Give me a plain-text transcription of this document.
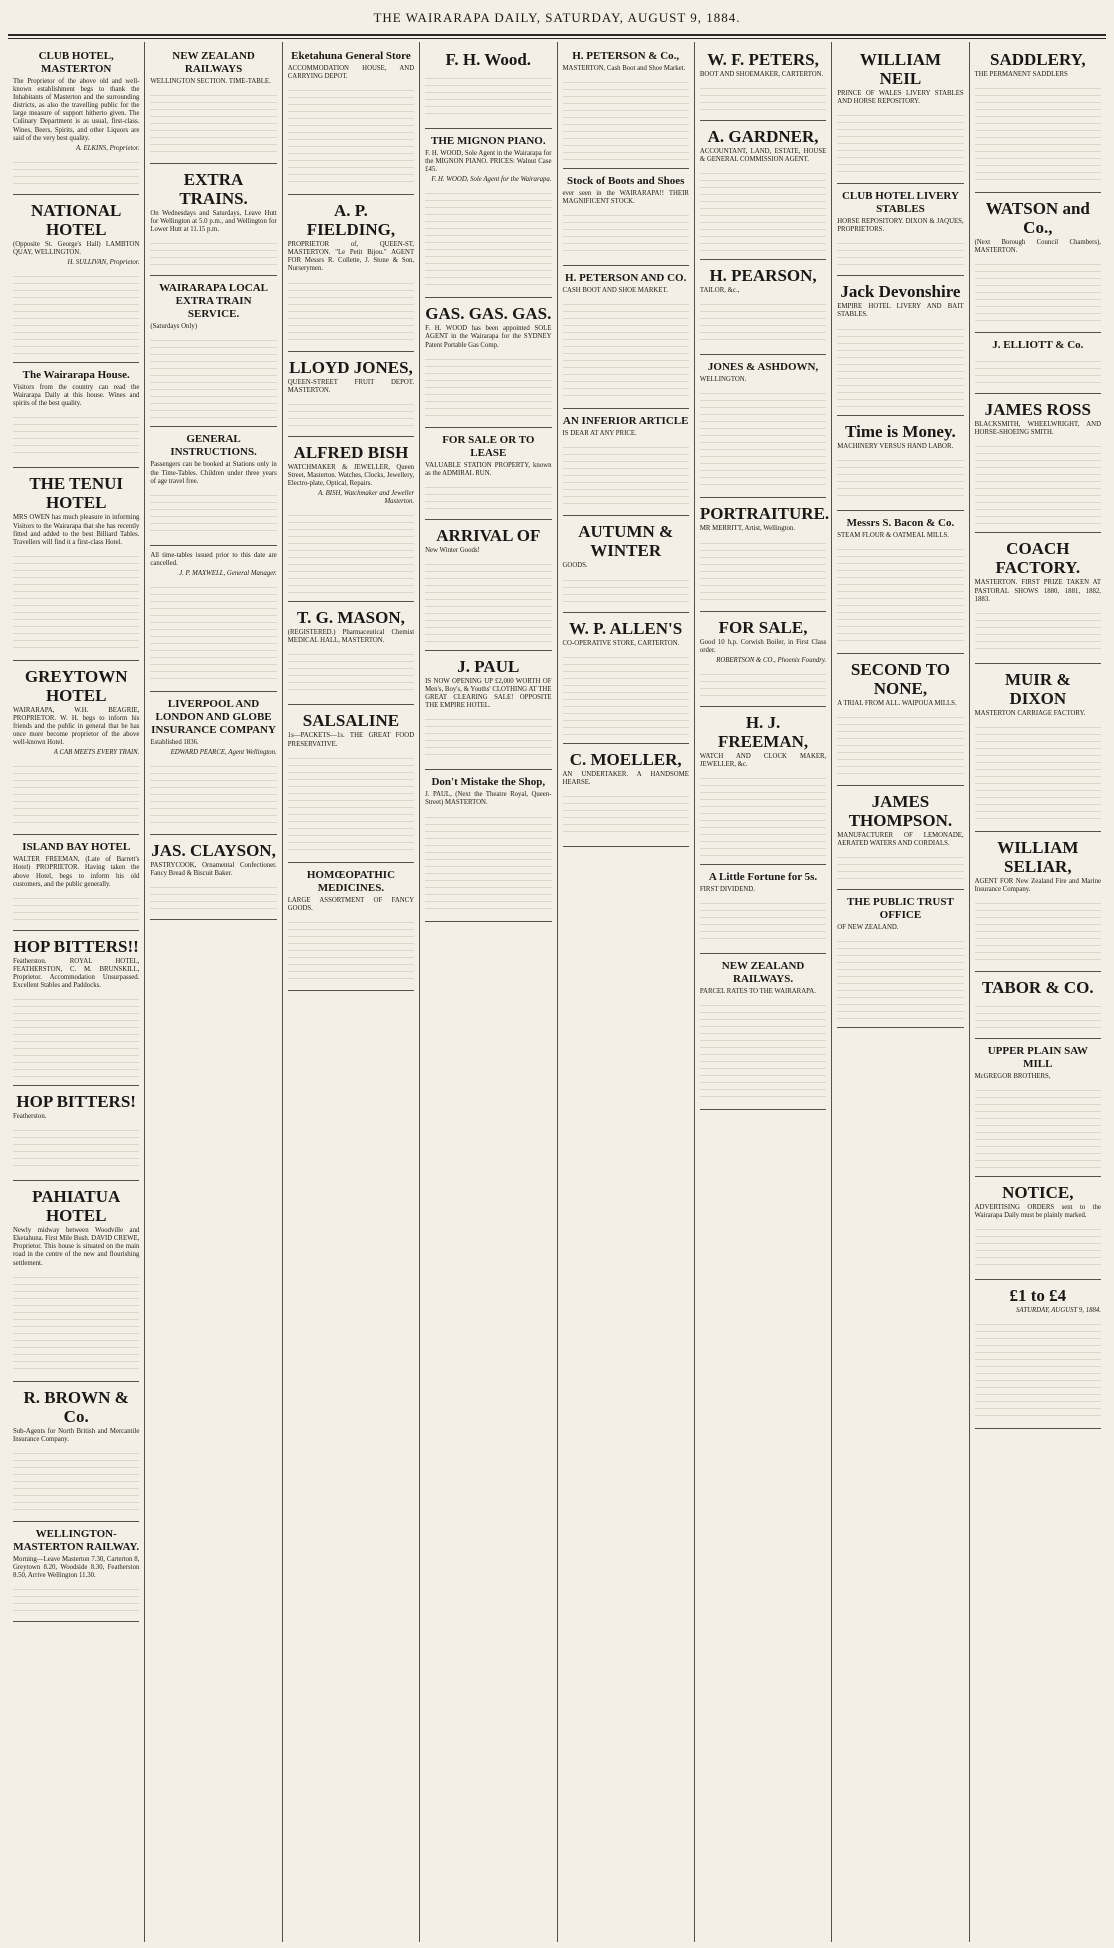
THE WAIRARAPA DAILY, SATURDAY, AUGUST 9, 1884.
CLUB HOTEL, MASTERTON
The Proprietor of the above old and well-known establishment begs to thank the Inhabitants of Masterton and the surrounding districts, as also the travelling public for the large measure of support hitherto given. The Culinary Department is as usual, first-class. Wines, Beers, Spirits, and other Liquors are said of the very best quality.
A. ELKINS, Proprietor.
NATIONAL HOTEL
(Opposite St. George's Hall) LAMBTON QUAY, WELLINGTON.
H. SULLIVAN, Proprietor.
The Wairarapa House.
Visitors from the country can read the Wairarapa Daily at this house. Wines and spirits of the best quality.
THE TENUI HOTEL
MRS OWEN has much pleasure in informing Visitors to the Wairarapa that she has recently fitted and added to the best Billiard Tables. Travellers will find it a first-class Hotel.
GREYTOWN HOTEL
WAIRARAPA, W.H. BEAGRIE, PROPRIETOR. W. H. begs to inform his friends and the public in general that he has once more become proprietor of the above well-known Hotel.
A CAB MEETS EVERY TRAIN.
ISLAND BAY HOTEL
WALTER FREEMAN, (Late of Barrett's Hotel) PROPRIETOR. Having taken the above Hotel, begs to inform his old customers, and the public generally.
HOP BITTERS!!
Featherston. ROYAL HOTEL, FEATHERSTON, C. M. BRUNSKILL, Proprietor. Accommodation Unsurpassed. Excellent Stables and Paddocks.
HOP BITTERS!
Featherston.
PAHIATUA HOTEL
Newly midway between Woodville and Eketahuna. First Mile Bush. DAVID CREWE, Proprietor. This house is situated on the main road in the centre of the new and flourishing settlement.
R. BROWN & Co.
Sub-Agents for North British and Mercantile Insurance Company.
WELLINGTON-MASTERTON RAILWAY.
Morning—Leave Masterton 7.30, Carterton 8, Greytown 8.20, Woodside 8.30, Featherston 8.50, Arrive Wellington 11.30.
NEW ZEALAND RAILWAYS
WELLINGTON SECTION. TIME-TABLE.
EXTRA TRAINS.
On Wednesdays and Saturdays, Leave Hutt for Wellington at 5.0 p.m., and Wellington for Lower Hutt at 11.15 p.m.
WAIRARAPA LOCAL EXTRA TRAIN SERVICE.
(Saturdays Only)
GENERAL INSTRUCTIONS.
Passengers can be booked at Stations only in the Time-Tables. Children under three years of age travel free.
All time-tables issued prior to this date are cancelled.
J. P. MAXWELL, General Manager.
LIVERPOOL AND LONDON AND GLOBE INSURANCE COMPANY
Established 1836.
EDWARD PEARCE, Agent Wellington.
JAS. CLAYSON,
PASTRYCOOK, Ornamental Confectioner. Fancy Bread & Biscuit Baker.
Eketahuna General Store
ACCOMMODATION HOUSE, AND CARRYING DEPOT.
A. P. FIELDING,
PROPRIETOR of, QUEEN-ST, MASTERTON. "Le Petit Bijou." AGENT FOR Messrs R. Collette, J. Stone & Son, Nurserymen.
LLOYD JONES,
QUEEN-STREET FRUIT DEPOT. MASTERTON.
ALFRED BISH
WATCHMAKER & JEWELLER, Queen Street, Masterton. Watches, Clocks, Jewellery, Electro-plate, Optical, Repairs.
A. BISH, Watchmaker and Jeweller Masterton.
T. G. MASON,
(REGISTERED.) Pharmaceutical Chemist MEDICAL HALL, MASTERTON.
SALSALINE
1s—PACKETS—1s. THE GREAT FOOD PRESERVATIVE.
HOMŒOPATHIC MEDICINES.
LARGE ASSORTMENT OF FANCY GOODS.
F. H. Wood.
THE MIGNON PIANO.
F. H. WOOD, Sole Agent in the Wairarapa for the MIGNON PIANO. PRICES: Walnut Case £45.
F. H. WOOD, Sole Agent for the Wairarapa.
GAS. GAS. GAS.
F. H. WOOD has been appointed SOLE AGENT in the Wairarapa for the SYDNEY Patent Portable Gas Comp.
FOR SALE OR TO LEASE
VALUABLE STATION PROPERTY, known as the ADMIRAL RUN.
ARRIVAL OF
New Winter Goods!
J. PAUL
IS NOW OPENING UP £2,000 WORTH OF Men's, Boy's, & Youths' CLOTHING AT THE GREAT CLEARING SALE! OPPOSITE THE EMPIRE HOTEL.
Don't Mistake the Shop,
J. PAUL, (Next the Theatre Royal, Queen-Street) MASTERTON.
H. PETERSON & Co.,
MASTERTON, Cash Boot and Shoe Market.
Stock of Boots and Shoes
ever seen in the WAIRARAPA!! THEIR MAGNIFICENT STOCK.
H. PETERSON AND CO.
CASH BOOT AND SHOE MARKET.
AN INFERIOR ARTICLE
IS DEAR AT ANY PRICE.
AUTUMN & WINTER
GOODS.
W. P. ALLEN'S
CO-OPERATIVE STORE, CARTERTON.
C. MOELLER,
AN UNDERTAKER. A HANDSOME HEARSE.
W. F. PETERS,
BOOT AND SHOEMAKER, CARTERTON.
A. GARDNER,
ACCOUNTANT, LAND, ESTATE, HOUSE & GENERAL COMMISSION AGENT.
H. PEARSON,
TAILOR, &c.,
JONES & ASHDOWN,
WELLINGTON.
PORTRAITURE.
MR MERRITT, Artist, Wellington.
FOR SALE,
Good 10 h.p. Corwish Boiler, in First Class order.
ROBERTSON & CO., Phoenix Foundry.
H. J. FREEMAN,
WATCH AND CLOCK MAKER, JEWELLER, &c.
A Little Fortune for 5s.
FIRST DIVIDEND.
NEW ZEALAND RAILWAYS.
PARCEL RATES TO THE WAIRARAPA.
WILLIAM NEIL
PRINCE OF WALES LIVERY STABLES AND HORSE REPOSITORY.
CLUB HOTEL LIVERY STABLES
HORSE REPOSITORY. DIXON & JAQUES, PROPRIETORS.
Jack Devonshire
EMPIRE HOTEL LIVERY AND BAIT STABLES.
Time is Money.
MACHINERY VERSUS HAND LABOR.
Messrs S. Bacon & Co.
STEAM FLOUR & OATMEAL MILLS.
SECOND TO NONE,
A TRIAL FROM ALL. WAIPOUA MILLS.
JAMES THOMPSON.
MANUFACTURER OF LEMONADE, AERATED WATERS AND CORDIALS.
THE PUBLIC TRUST OFFICE
OF NEW ZEALAND.
SADDLERY,
THE PERMANENT SADDLERS
WATSON and Co.,
(Next Borough Council Chambers), MASTERTON.
J. ELLIOTT & Co.
JAMES ROSS
BLACKSMITH, WHEELWRIGHT, AND HORSE-SHOEING SMITH.
COACH FACTORY.
MASTERTON. FIRST PRIZE TAKEN AT PASTORAL SHOWS 1880, 1881, 1882, 1883.
MUIR & DIXON
MASTERTON CARRIAGE FACTORY.
WILLIAM SELIAR,
AGENT FOR New Zealand Fire and Marine Insurance Company.
TABOR & CO.
UPPER PLAIN SAW MILL
McGREGOR BROTHERS,
NOTICE,
ADVERTISING ORDERS sent to the Wairarapa Daily must be plainly marked.
£1 to £4
SATURDAY, AUGUST 9, 1884.
